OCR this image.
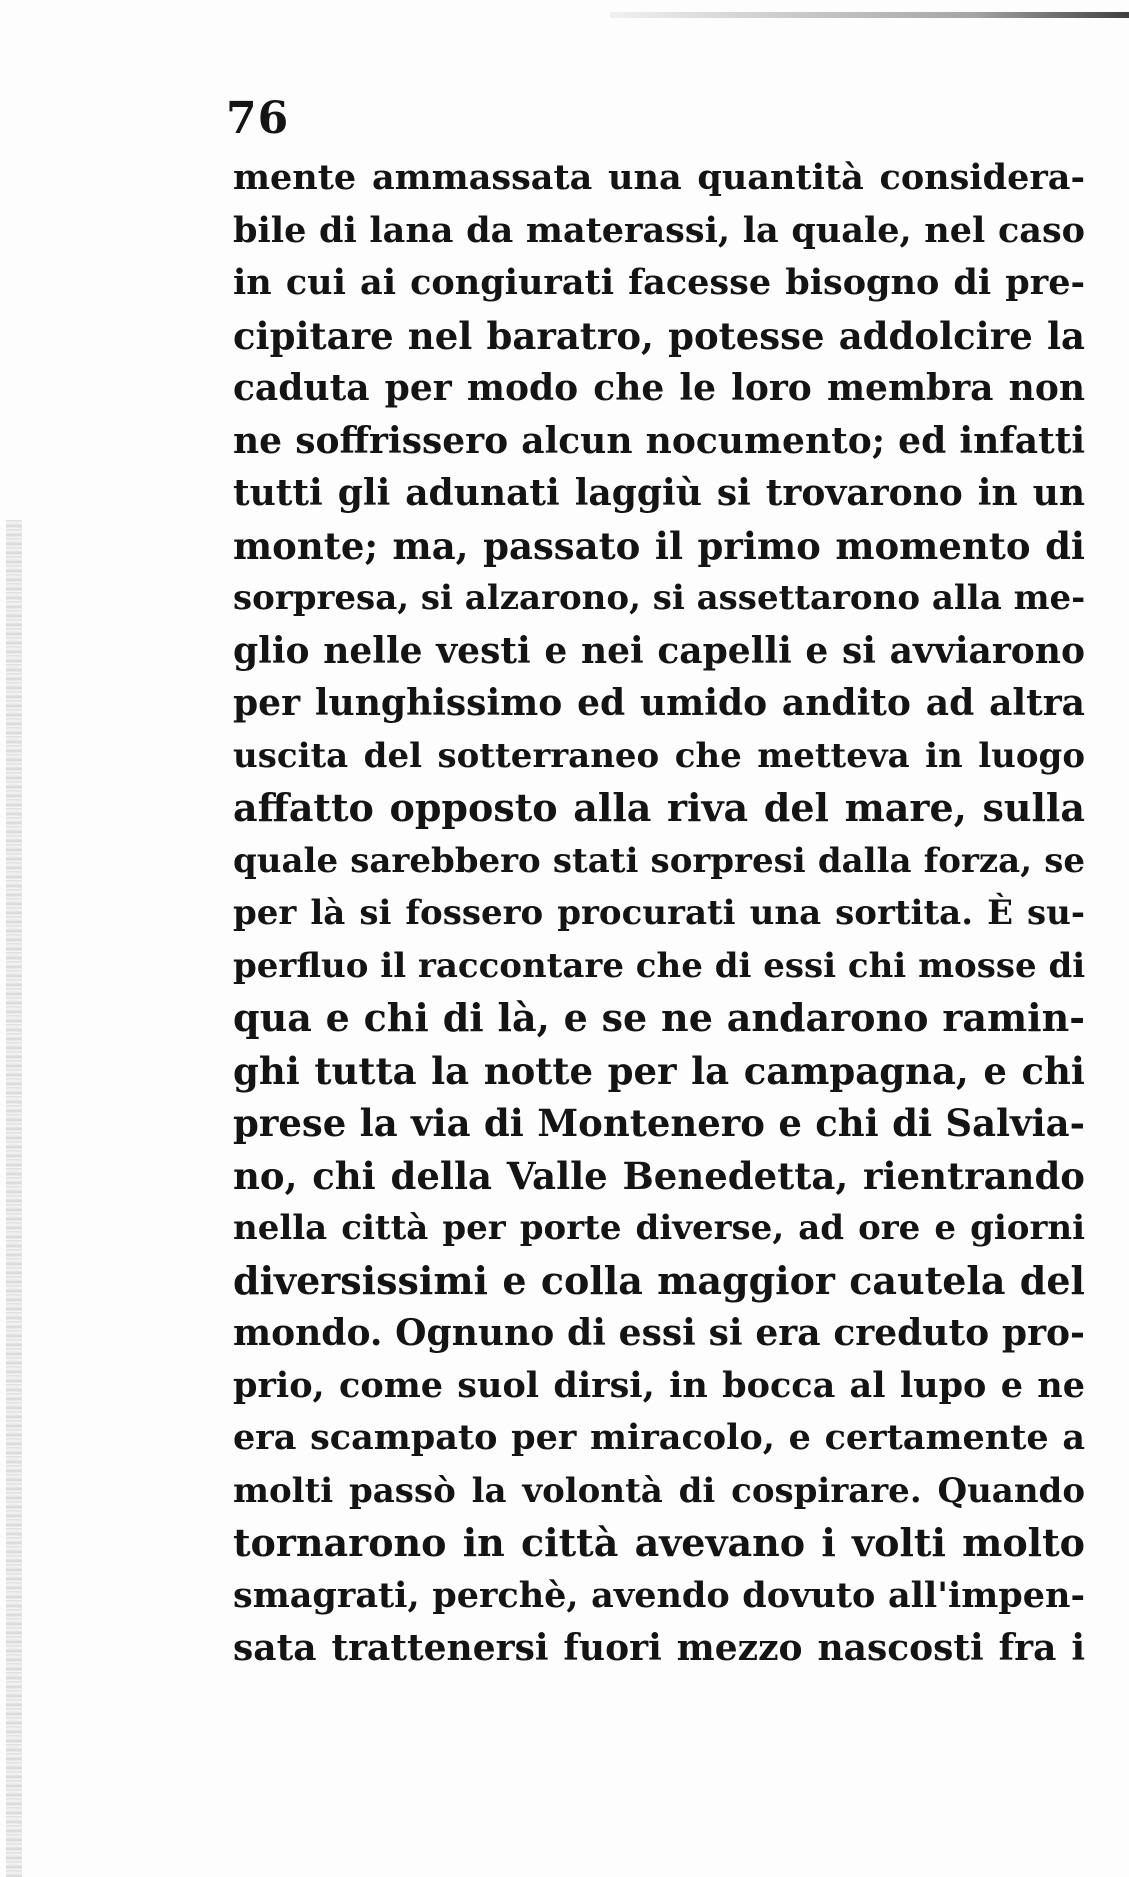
76
mente ammassata una quantità considera-
bile di lana da materassi, la quale, nel caso
in cui ai congiurati facesse bisogno di pre-
cipitare nel baratro, potesse addolcire la
caduta per modo che le loro membra non
ne soffrissero alcun nocumento; ed infatti
tutti gli adunati laggiù si trovarono in un
monte; ma, passato il primo momento di
sorpresa, si alzarono, si assettarono alla me-
glio nelle vesti e nei capelli e si avviarono
per lunghissimo ed umido andito ad altra
uscita del sotterraneo che metteva in luogo
affatto opposto alla riva del mare, sulla
quale sarebbero stati sorpresi dalla forza, se
per là si fossero procurati una sortita. È su-
perfluo il raccontare che di essi chi mosse di
qua e chi di là, e se ne andarono ramin-
ghi tutta la notte per la campagna, e chi
prese la via di Montenero e chi di Salvia-
no, chi della Valle Benedetta, rientrando
nella città per porte diverse, ad ore e giorni
diversissimi e colla maggior cautela del
mondo. Ognuno di essi si era creduto pro-
prio, come suol dirsi, in bocca al lupo e ne
era scampato per miracolo, e certamente a
molti passò la volontà di cospirare. Quando
tornarono in città avevano i volti molto
smagrati, perchè, avendo dovuto all'impen-
sata trattenersi fuori mezzo nascosti fra i
